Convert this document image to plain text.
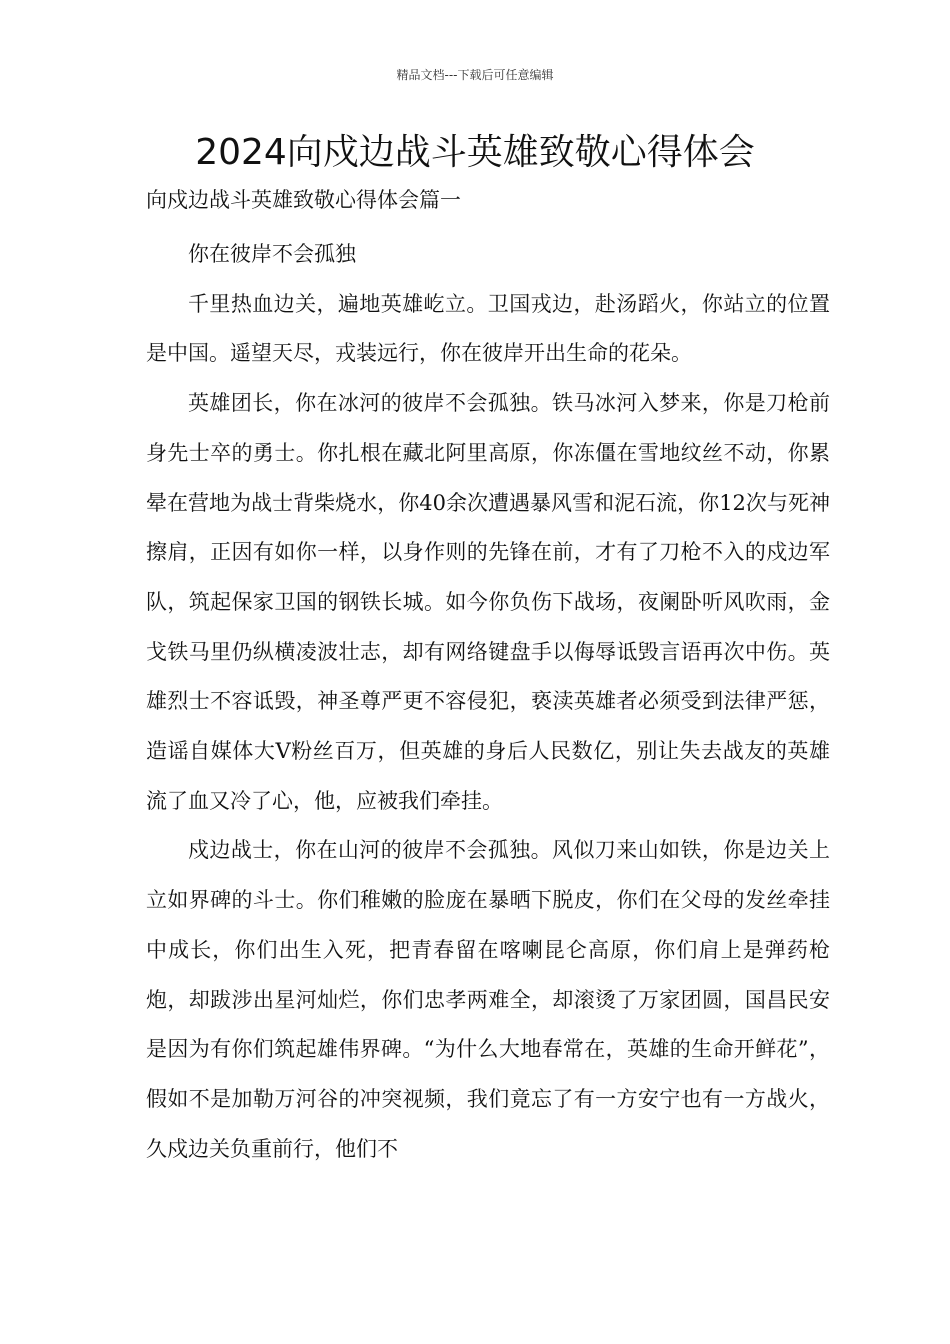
精品文档---下载后可任意编辑
2024向戍边战斗英雄致敬心得体会
向戍边战斗英雄致敬心得体会篇一

你在彼岸不会孤独

千里热血边关，遍地英雄屹立。卫国戎边，赴汤蹈火，你站立的位置是中国。遥望天尽，戎装远行，你在彼岸开出生命的花朵。

英雄团长，你在冰河的彼岸不会孤独。铁马冰河入梦来，你是刀枪前身先士卒的勇士。你扎根在藏北阿里高原，你冻僵在雪地纹丝不动，你累晕在营地为战士背柴烧水，你40余次遭遇暴风雪和泥石流，你12次与死神擦肩，正因有如你一样，以身作则的先锋在前，才有了刀枪不入的戍边军队，筑起保家卫国的钢铁长城。如今你负伤下战场，夜阑卧听风吹雨，金戈铁马里仍纵横凌波壮志，却有网络键盘手以侮辱诋毁言语再次中伤。英雄烈士不容诋毁，神圣尊严更不容侵犯，亵渎英雄者必须受到法律严惩，造谣自媒体大V粉丝百万，但英雄的身后人民数亿，别让失去战友的英雄流了血又冷了心，他，应被我们牵挂。

戍边战士，你在山河的彼岸不会孤独。风似刀来山如铁，你是边关上立如界碑的斗士。你们稚嫩的脸庞在暴晒下脱皮，你们在父母的发丝牵挂中成长，你们出生入死，把青春留在喀喇昆仑高原，你们肩上是弹药枪炮，却跋涉出星河灿烂，你们忠孝两难全，却滚烫了万家团圆，国昌民安是因为有你们筑起雄伟界碑。“为什么大地春常在，英雄的生命开鲜花”，假如不是加勒万河谷的冲突视频，我们竟忘了有一方安宁也有一方战火，久戍边关负重前行，他们不
